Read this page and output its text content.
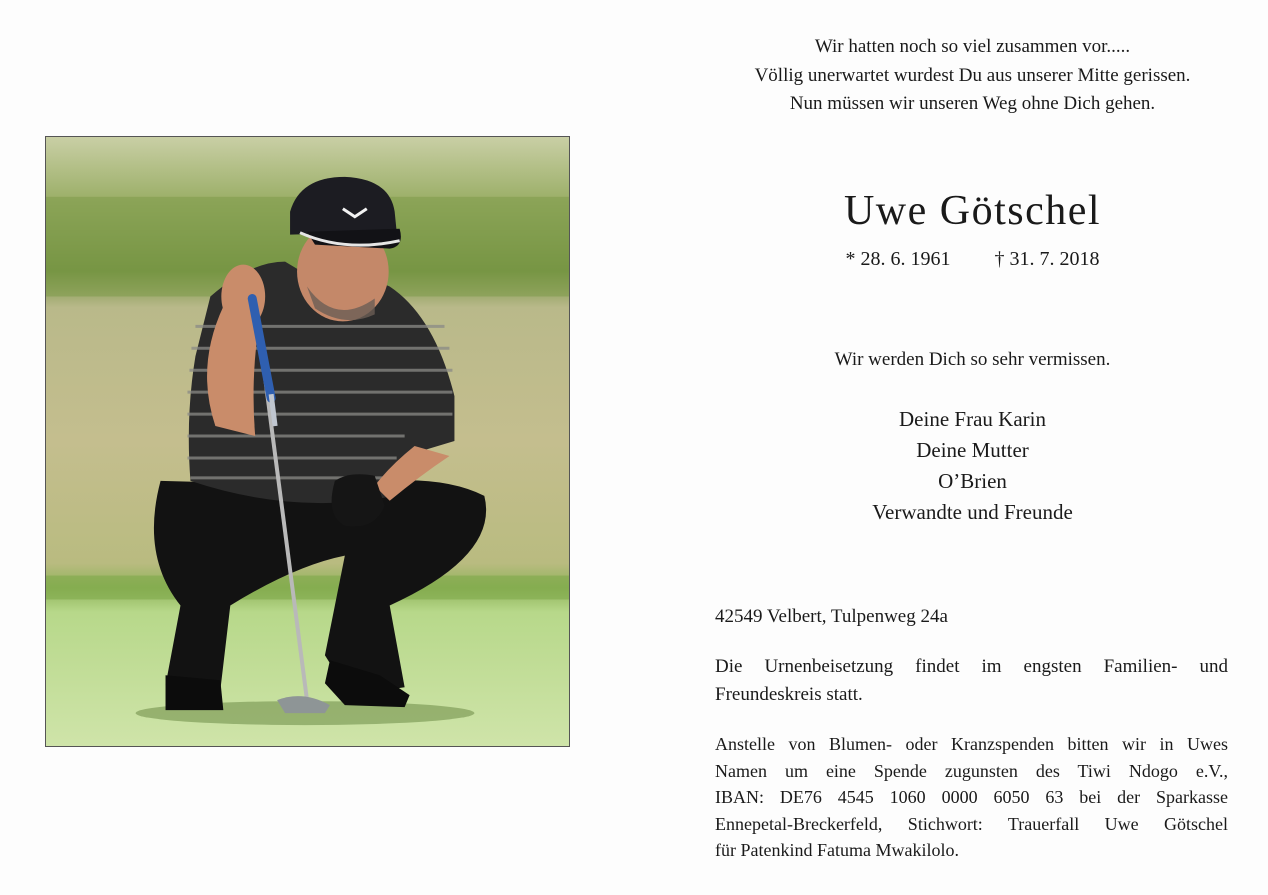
Wir hatten noch so viel zusammen vor.....
Völlig unerwartet wurdest Du aus unserer Mitte gerissen.
Nun müssen wir unseren Weg ohne Dich gehen.
Uwe Götschel
* 28. 6. 1961 † 31. 7. 2018
Wir werden Dich so sehr vermissen.
Deine Frau Karin
Deine Mutter
O’Brien
Verwandte und Freunde
42549 Velbert, Tulpenweg 24a
Die Urnenbeisetzung findet im engsten Familien- und
Freundeskreis statt.
Anstelle von Blumen- oder Kranzspenden bitten wir in Uwes
Namen um eine Spende zugunsten des Tiwi Ndogo e.V.,
IBAN: DE76 4545 1060 0000 6050 63 bei der Sparkasse
Ennepetal-Breckerfeld, Stichwort: Trauerfall Uwe Götschel
für Patenkind Fatuma Mwakilolo.
